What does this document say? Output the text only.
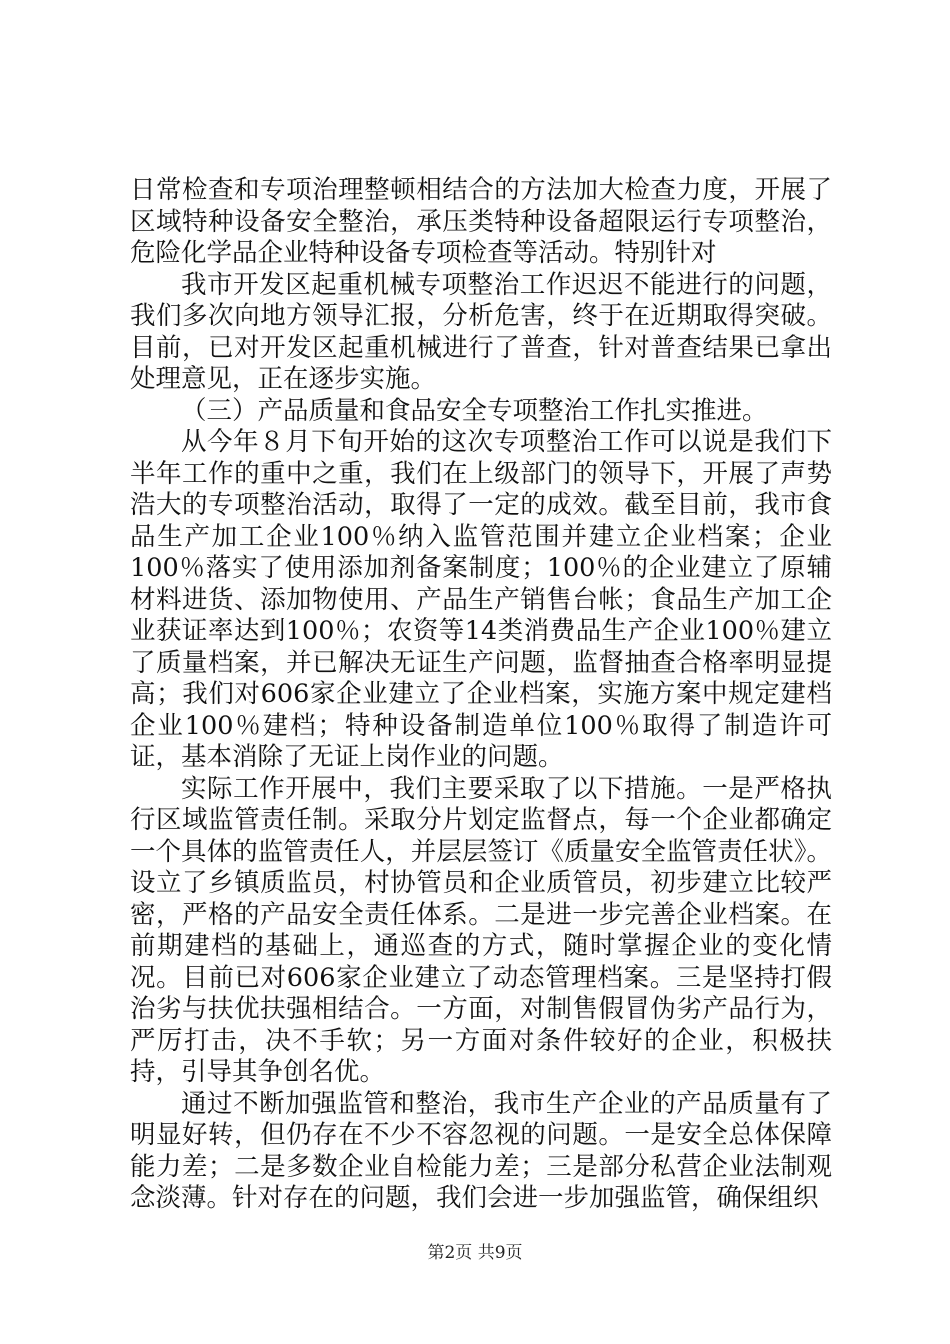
日常检查和专项治理整顿相结合的方法加大检查力度，开展了区域特种设备安全整治，承压类特种设备超限运行专项整治，危险化学品企业特种设备专项检查等活动。特别针对

我市开发区起重机械专项整治工作迟迟不能进行的问题，我们多次向地方领导汇报，分析危害，终于在近期取得突破。目前，已对开发区起重机械进行了普查，针对普查结果已拿出处理意见，正在逐步实施。

（三）产品质量和食品安全专项整治工作扎实推进。

从今年８月下旬开始的这次专项整治工作可以说是我们下半年工作的重中之重，我们在上级部门的领导下，开展了声势浩大的专项整治活动，取得了一定的成效。截至目前，我市食品生产加工企业100％纳入监管范围并建立企业档案；企业100％落实了使用添加剂备案制度；100％的企业建立了原辅材料进货、添加物使用、产品生产销售台帐；食品生产加工企业获证率达到100％；农资等14类消费品生产企业100％建立了质量档案，并已解决无证生产问题，监督抽查合格率明显提高；我们对606家企业建立了企业档案，实施方案中规定建档企业100％建档；特种设备制造单位100％取得了制造许可证，基本消除了无证上岗作业的问题。

实际工作开展中，我们主要采取了以下措施。一是严格执行区域监管责任制。采取分片划定监督点，每一个企业都确定一个具体的监管责任人，并层层签订《质量安全监管责任状》。设立了乡镇质监员，村协管员和企业质管员，初步建立比较严密，严格的产品安全责任体系。二是进一步完善企业档案。在前期建档的基础上，通巡查的方式，随时掌握企业的变化情况。目前已对606家企业建立了动态管理档案。三是坚持打假治劣与扶优扶强相结合。一方面，对制售假冒伪劣产品行为，严厉打击，决不手软；另一方面对条件较好的企业，积极扶持，引导其争创名优。

通过不断加强监管和整治，我市生产企业的产品质量有了明显好转，但仍存在不少不容忽视的问题。一是安全总体保障能力差；二是多数企业自检能力差；三是部分私营企业法制观念淡薄。针对存在的问题，我们会进一步加强监管，确保组织

第2页 共9页
